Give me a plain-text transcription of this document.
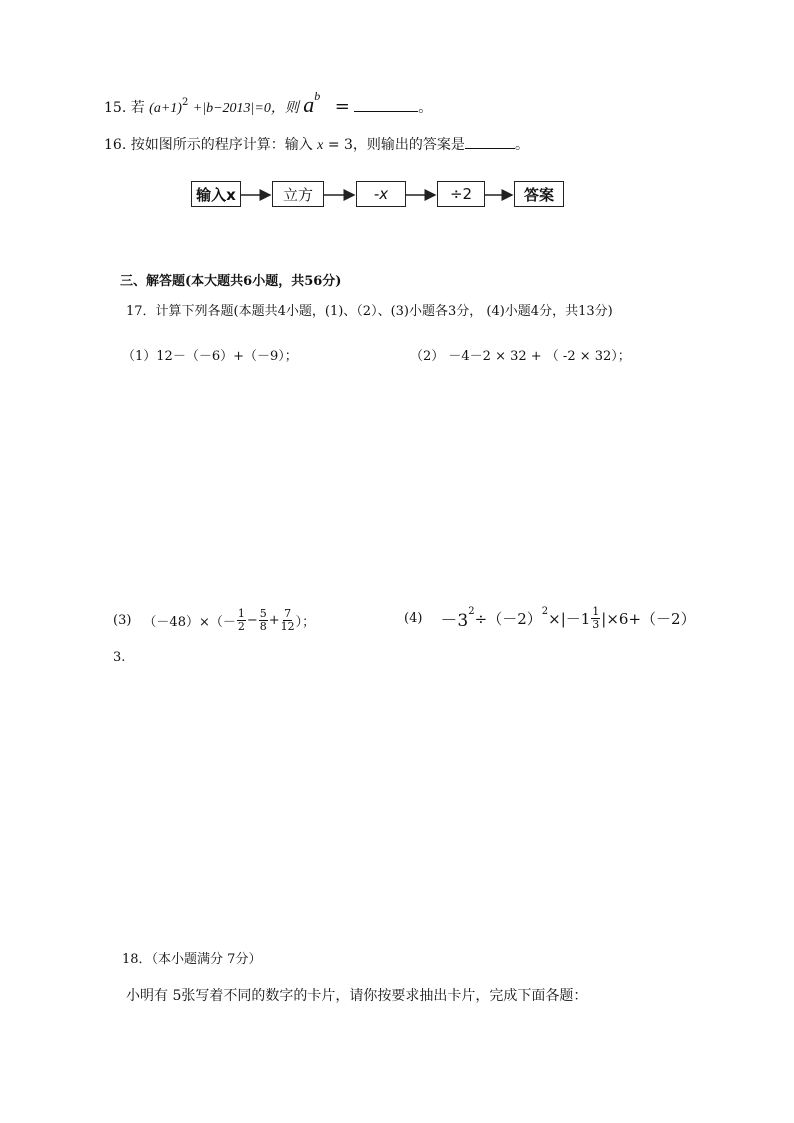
15. 若 $(a+1)^2 +|b-2013|=0$，则 ab =	。
16. 按如图所示的程序计算：输入 x = 3，则输出的答案是	。
输入x	立方	-x	÷2	答案
三、解答题(本大题共6小题，共56分)
17．计算下列各题(本题共4小题，(1)、（2）、(3)小题各3分， (4)小题4分，共13分)
（1）12－（－6）+（－9）；	（2） －4－2 × 32 + （ -2 × 32）；
(3) $(-48)\times(- \frac{1}{2} - \frac{5}{8} + \frac{7}{12}$ ）；	(4) －3 2 ÷（－2） $2 \times|-1 \frac{1}{3} |\times 6+(-2)$
3.
18．（本小题满分 7分）
小明有 5张写着不同的数字的卡片，请你按要求抽出卡片，完成下面各题：
